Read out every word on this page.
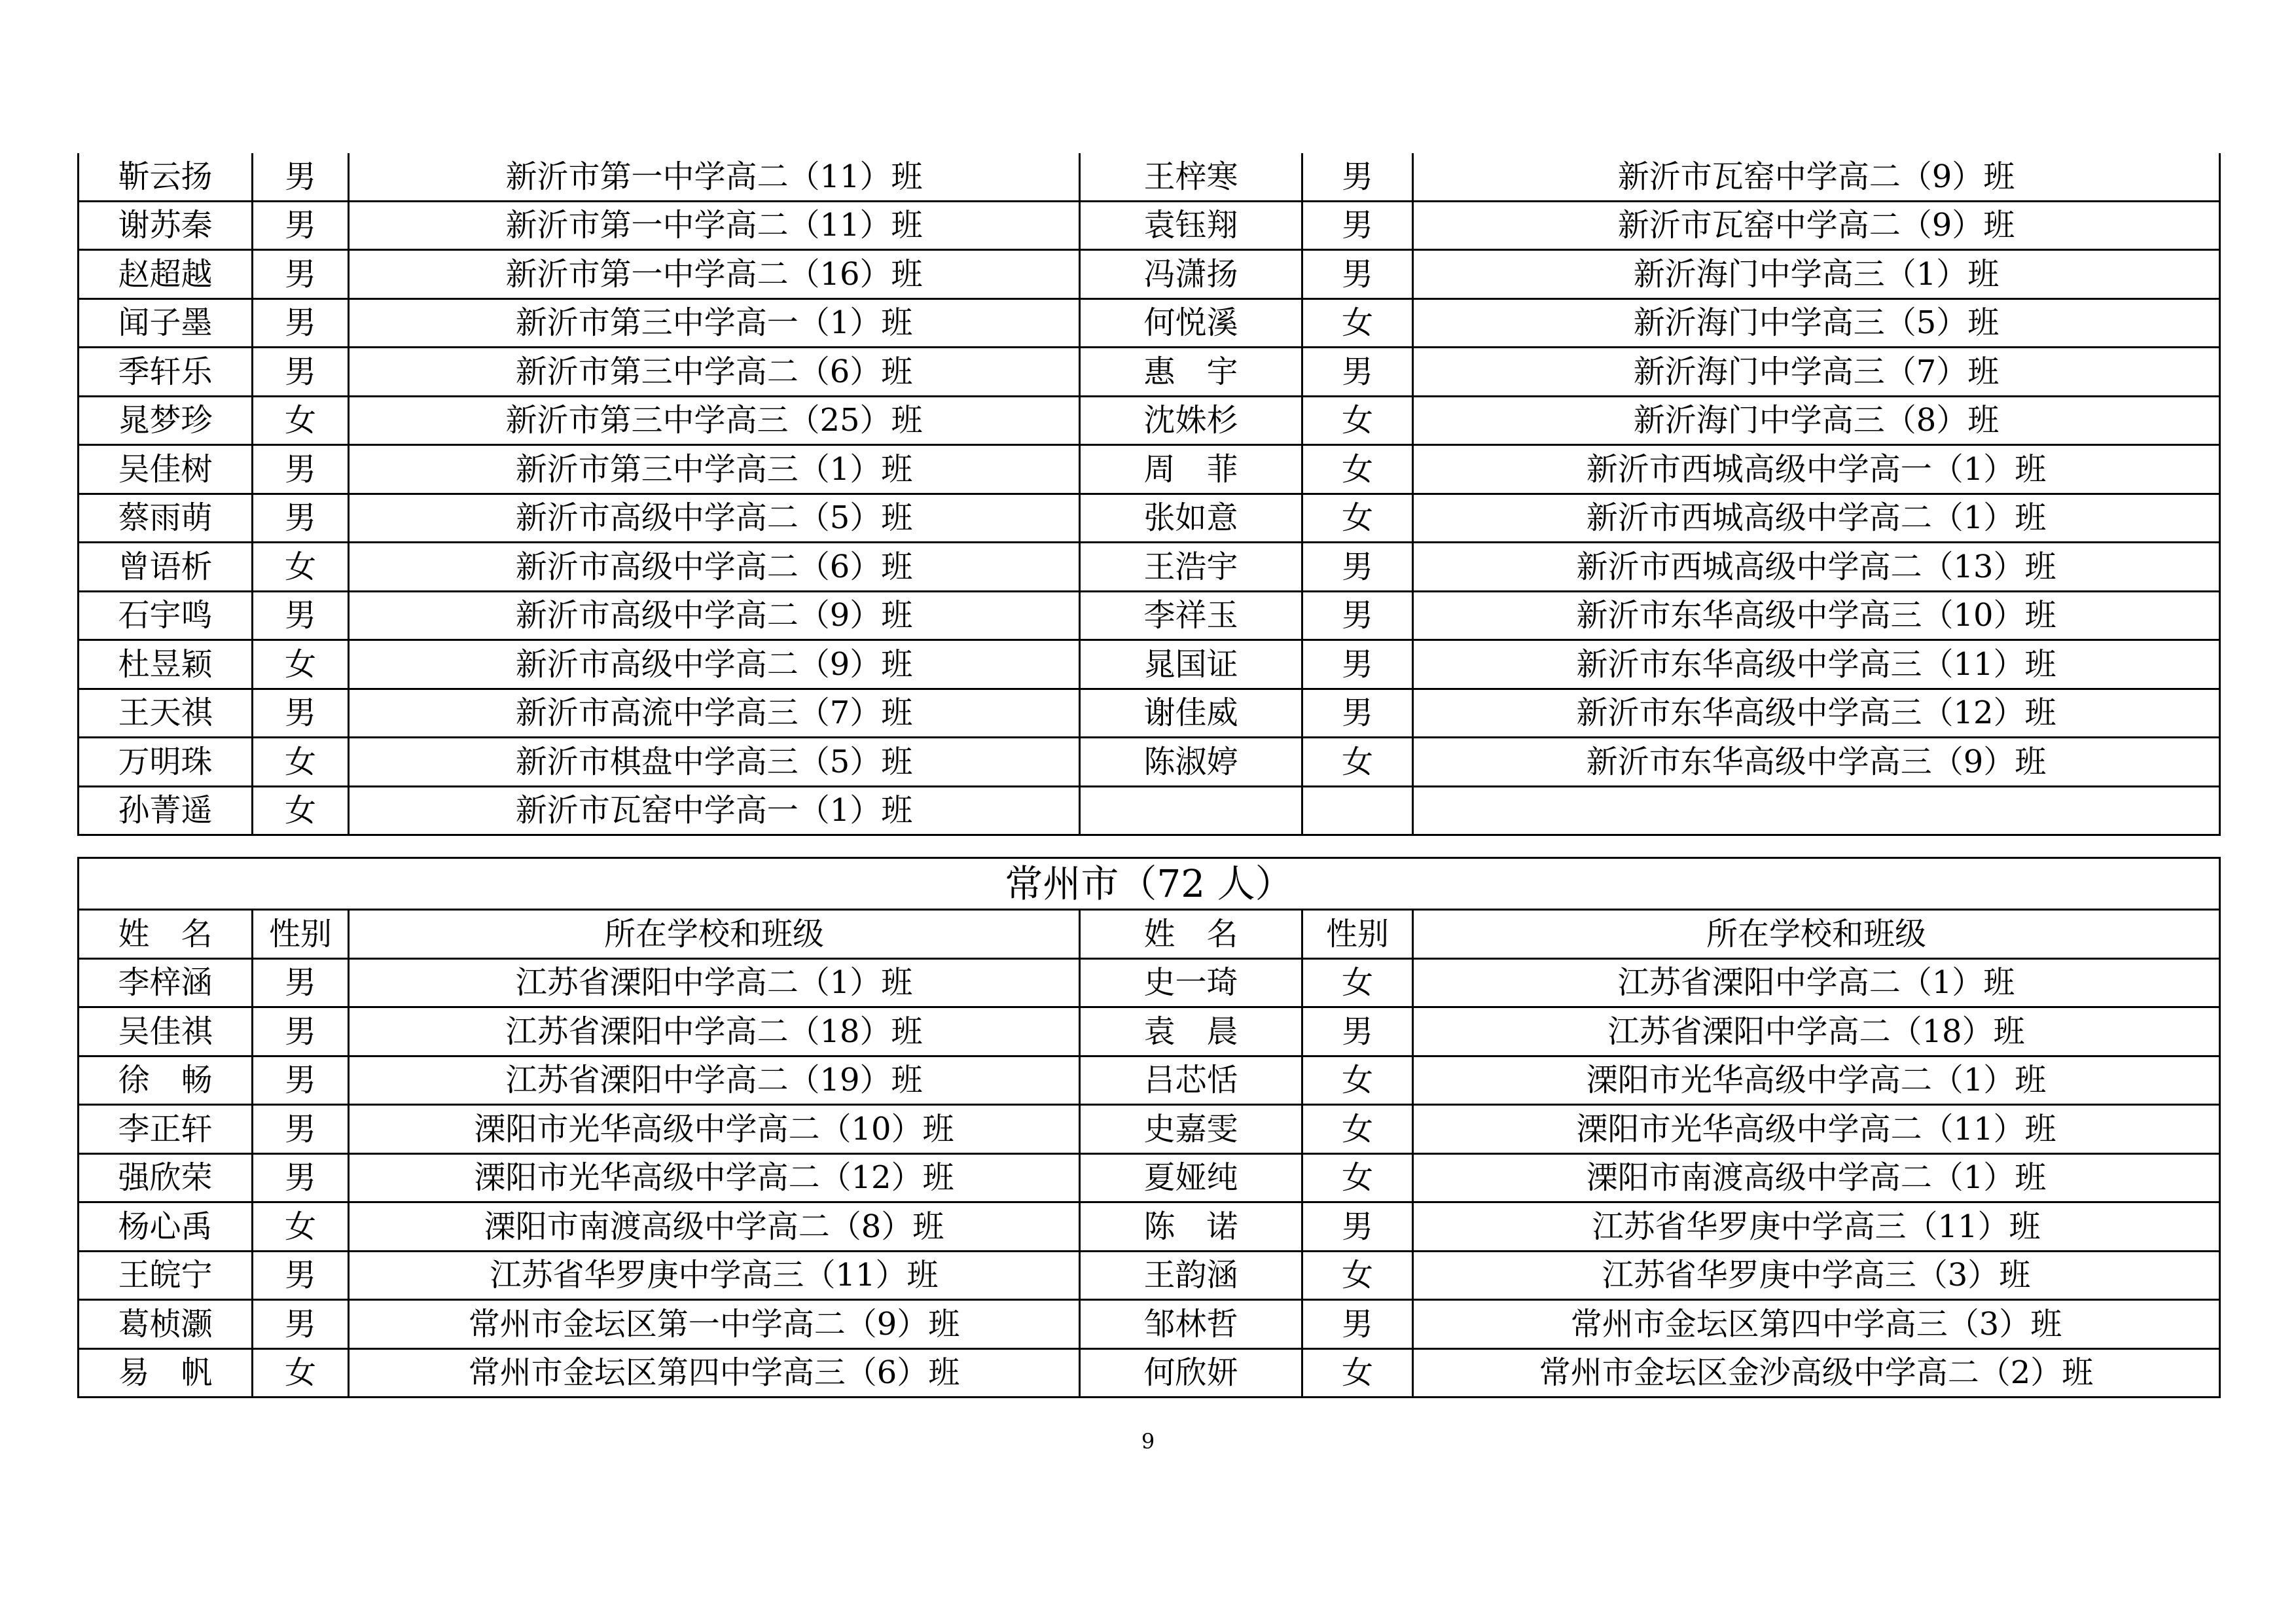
靳云扬	男	新沂市第一中学高二（11）班	王梓寒	男	新沂市瓦窑中学高二（9）班
谢苏秦	男	新沂市第一中学高二（11）班	袁钰翔	男	新沂市瓦窑中学高二（9）班
赵超越	男	新沂市第一中学高二（16）班	冯潇扬	男	新沂海门中学高三（1）班
闻子墨	男	新沂市第三中学高一（1）班	何悦溪	女	新沂海门中学高三（5）班
季轩乐	男	新沂市第三中学高二（6）班	惠　宇	男	新沂海门中学高三（7）班
晁梦珍	女	新沂市第三中学高三（25）班	沈姝杉	女	新沂海门中学高三（8）班
吴佳树	男	新沂市第三中学高三（1）班	周　菲	女	新沂市西城高级中学高一（1）班
蔡雨萌	男	新沂市高级中学高二（5）班	张如意	女	新沂市西城高级中学高二（1）班
曾语析	女	新沂市高级中学高二（6）班	王浩宇	男	新沂市西城高级中学高二（13）班
石宇鸣	男	新沂市高级中学高二（9）班	李祥玉	男	新沂市东华高级中学高三（10）班
杜昱颖	女	新沂市高级中学高二（9）班	晁国证	男	新沂市东华高级中学高三（11）班
王天祺	男	新沂市高流中学高三（7）班	谢佳威	男	新沂市东华高级中学高三（12）班
万明珠	女	新沂市棋盘中学高三（5）班	陈淑婷	女	新沂市东华高级中学高三（9）班
孙菁遥	女	新沂市瓦窑中学高一（1）班			
常州市（72 人）					
姓　名	性别	所在学校和班级	姓　名	性别	所在学校和班级
李梓涵	男	江苏省溧阳中学高二（1）班	史一琦	女	江苏省溧阳中学高二（1）班
吴佳祺	男	江苏省溧阳中学高二（18）班	袁　晨	男	江苏省溧阳中学高二（18）班
徐　畅	男	江苏省溧阳中学高二（19）班	吕芯恬	女	溧阳市光华高级中学高二（1）班
李正轩	男	溧阳市光华高级中学高二（10）班	史嘉雯	女	溧阳市光华高级中学高二（11）班
强欣荣	男	溧阳市光华高级中学高二（12）班	夏娅纯	女	溧阳市南渡高级中学高二（1）班
杨心禹	女	溧阳市南渡高级中学高二（8）班	陈　诺	男	江苏省华罗庚中学高三（11）班
王皖宁	男	江苏省华罗庚中学高三（11）班	王韵涵	女	江苏省华罗庚中学高三（3）班
葛桢灏	男	常州市金坛区第一中学高二（9）班	邹林哲	男	常州市金坛区第四中学高三（3）班
易　帆	女	常州市金坛区第四中学高三（6）班	何欣妍	女	常州市金坛区金沙高级中学高二（2）班
9
